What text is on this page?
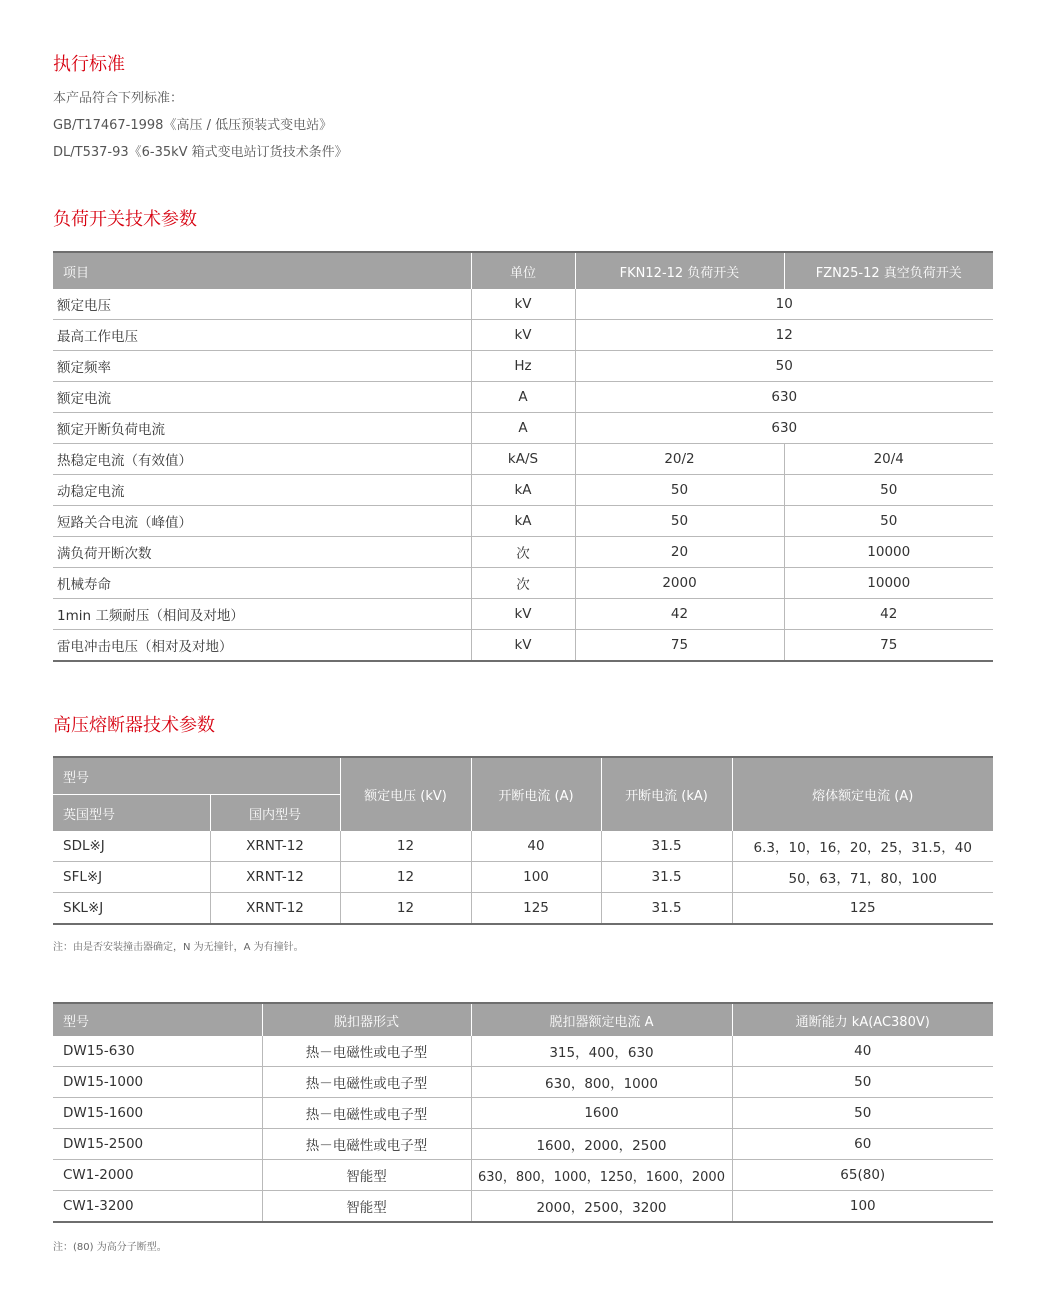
执行标准

本产品符合下列标准：

GB/T17467-1998《高压 / 低压预装式变电站》

DL/T537-93《6-35kV 箱式变电站订货技术条件》

负荷开关技术参数
项目	单位	FKN12-12 负荷开关	FZN25-12 真空负荷开关
额定电压	kV	10	
最高工作电压	kV	12	
额定频率	Hz	50	
额定电流	A	630	
额定开断负荷电流	A	630	
热稳定电流（有效值）	kA/S	20/2	20/4
动稳定电流	kA	50	50
短路关合电流（峰值）	kA	50	50
满负荷开断次数	次	20	10000
机械寿命	次	2000	10000
1min 工频耐压（相间及对地）	kV	42	42
雷电冲击电压（相对及对地）	kV	75	75
高压熔断器技术参数
型号		额定电压 (kV)	开断电流 (A)	开断电流 (kA)	熔体额定电流 (A)
英国型号	国内型号				
SDL※J	XRNT-12	12	40	31.5	6.3，10，16，20，25，31.5，40
SFL※J	XRNT-12	12	100	31.5	50，63，71，80，100
SKL※J	XRNT-12	12	125	31.5	125

注：由是否安装撞击器确定，N 为无撞针，A 为有撞针。

型号	脱扣器形式	脱扣器额定电流 A	通断能力 kA(AC380V)
DW15-630	热－电磁性或电子型	315，400，630	40
DW15-1000	热－电磁性或电子型	630，800，1000	50
DW15-1600	热－电磁性或电子型	1600	50
DW15-2500	热－电磁性或电子型	1600，2000，2500	60
CW1-2000	智能型	630，800，1000，1250，1600，2000	65(80)
CW1-3200	智能型	2000，2500，3200	100

注：(80) 为高分子断型。
